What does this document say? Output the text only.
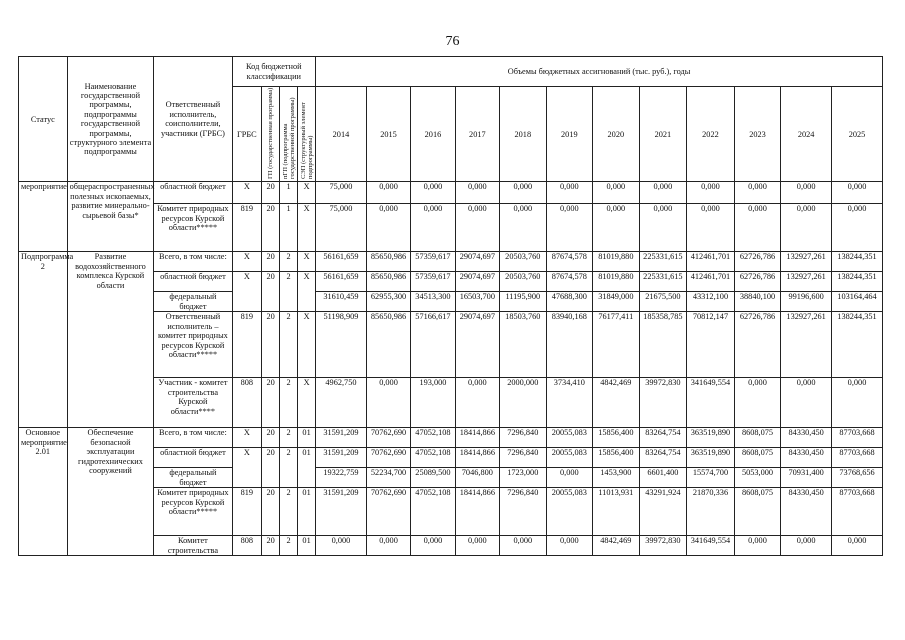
76
Статус	Наименование государственной программы, подпрограммы государственной программы, структурного элемента подпрограммы	Ответственный исполнитель, соисполнители, участники (ГРБС)	Код бюджетной классификации				Объемы бюджетных ассигнований (тыс. руб.), годы											
			ГРБС	ГП (государственная программа)	пГП (подпрограмма государственной программы)	СЭП (структурный элемент подпрограммы)	2014	2015	2016	2017	2018	2019	2020	2021	2022	2023	2024	2025
мероприятие	общераспространенных полезных ископаемых, развитие минерально-сырьевой базы*	областной бюджет	X	20	1	X	75,000	0,000	0,000	0,000	0,000	0,000	0,000	0,000	0,000	0,000	0,000	0,000
		Комитет природных ресурсов Курской области*****	819	20	1	X	75,000	0,000	0,000	0,000	0,000	0,000	0,000	0,000	0,000	0,000	0,000	0,000
Подпрограмма 2	Развитие водохозяйственного комплекса Курской области	Всего, в том числе:	X	20	2	X	56161,659	85650,986	57359,617	29074,697	20503,760	87674,578	81019,880	225331,615	412461,701	62726,786	132927,261	138244,351
		областной бюджет	X	20	2	X	56161,659	85650,986	57359,617	29074,697	20503,760	87674,578	81019,880	225331,615	412461,701	62726,786	132927,261	138244,351
		федеральный бюджет					31610,459	62955,300	34513,300	16503,700	11195,900	47688,300	31849,000	21675,500	43312,100	38840,100	99196,600	103164,464
		Ответственный исполнитель – комитет природных ресурсов Курской области*****	819	20	2	X	51198,909	85650,986	57166,617	29074,697	18503,760	83940,168	76177,411	185358,785	70812,147	62726,786	132927,261	138244,351
		Участник - комитет строительства Курской области****	808	20	2	X	4962,750	0,000	193,000	0,000	2000,000	3734,410	4842,469	39972,830	341649,554	0,000	0,000	0,000
Основное мероприятие 2.01	Обеспечение безопасной эксплуатации гидротехнических сооружений	Всего, в том числе:	X	20	2	01	31591,209	70762,690	47052,108	18414,866	7296,840	20055,083	15856,400	83264,754	363519,890	8608,075	84330,450	87703,668
		областной бюджет	X	20	2	01	31591,209	70762,690	47052,108	18414,866	7296,840	20055,083	15856,400	83264,754	363519,890	8608,075	84330,450	87703,668
		федеральный бюджет					19322,759	52234,700	25089,500	7046,800	1723,000	0,000	1453,900	6601,400	15574,700	5053,000	70931,400	73768,656
		Комитет природных ресурсов Курской области*****	819	20	2	01	31591,209	70762,690	47052,108	18414,866	7296,840	20055,083	11013,931	43291,924	21870,336	8608,075	84330,450	87703,668
		Комитет строительства	808	20	2	01	0,000	0,000	0,000	0,000	0,000	0,000	4842,469	39972,830	341649,554	0,000	0,000	0,000
